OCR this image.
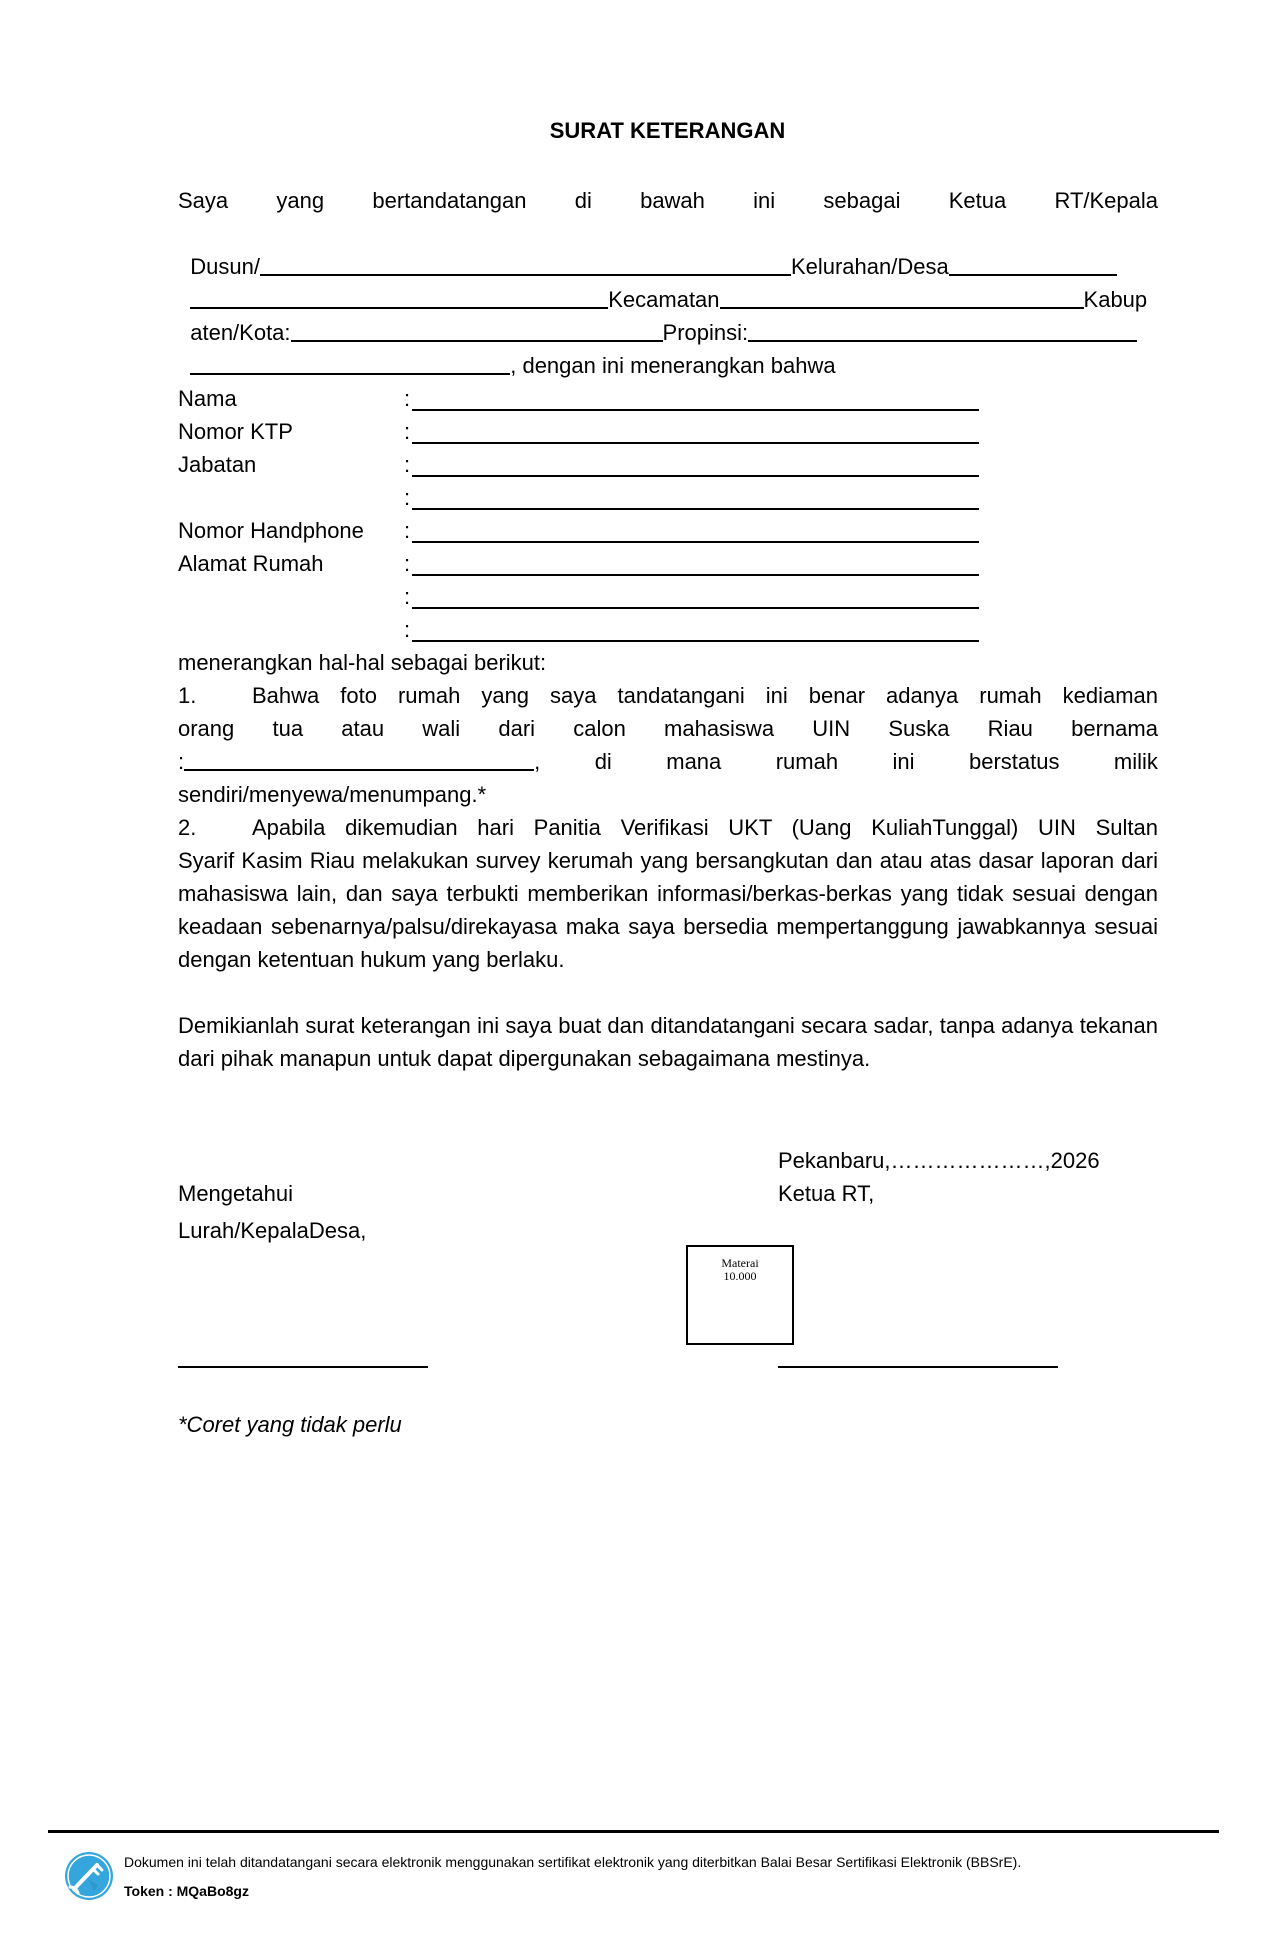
SURAT KETERANGAN
Saya yang bertandatangan di bawah ini sebagai Ketua RT/Kepala

Dusun/	Kelurahan/Desa

Kecamatan	Kabup

aten/Kota:	Propinsi:

, dengan ini menerangkan bahwa

Nama	:
Nomor KTP	:
Jabatan	:
:
Nomor Handphone :
Alamat Rumah	:
:
:
menerangkan hal-hal sebagai berikut:
1.	Bahwa foto rumah yang saya tandatangani ini benar adanya rumah kediaman
orang tua atau wali dari calon mahasiswa UIN Suska Riau bernama
:	, di mana rumah ini berstatus milik
sendiri/menyewa/menumpang.*
2.	Apabila dikemudian hari Panitia Verifikasi UKT (Uang KuliahTunggal) UIN Sultan
Syarif Kasim Riau melakukan survey kerumah yang bersangkutan dan atau atas dasar laporan dari mahasiswa lain, dan saya terbukti memberikan informasi/berkas-berkas yang tidak sesuai dengan keadaan sebenarnya/palsu/direkayasa maka saya bersedia mempertanggung jawabkannya sesuai dengan ketentuan hukum yang berlaku.
Demikianlah surat keterangan ini saya buat dan ditandatangani secara sadar, tanpa adanya tekanan dari pihak manapun untuk dapat dipergunakan sebagaimana mestinya.
Pekanbaru,…………………,2026
Mengetahui	Ketua RT,
Lurah/KepalaDesa,
Materai
10.000
*Coret yang tidak perlu
Dokumen ini telah ditandatangani secara elektronik menggunakan sertifikat elektronik yang diterbitkan Balai Besar Sertifikasi Elektronik (BBSrE).
Token : MQaBo8gz
